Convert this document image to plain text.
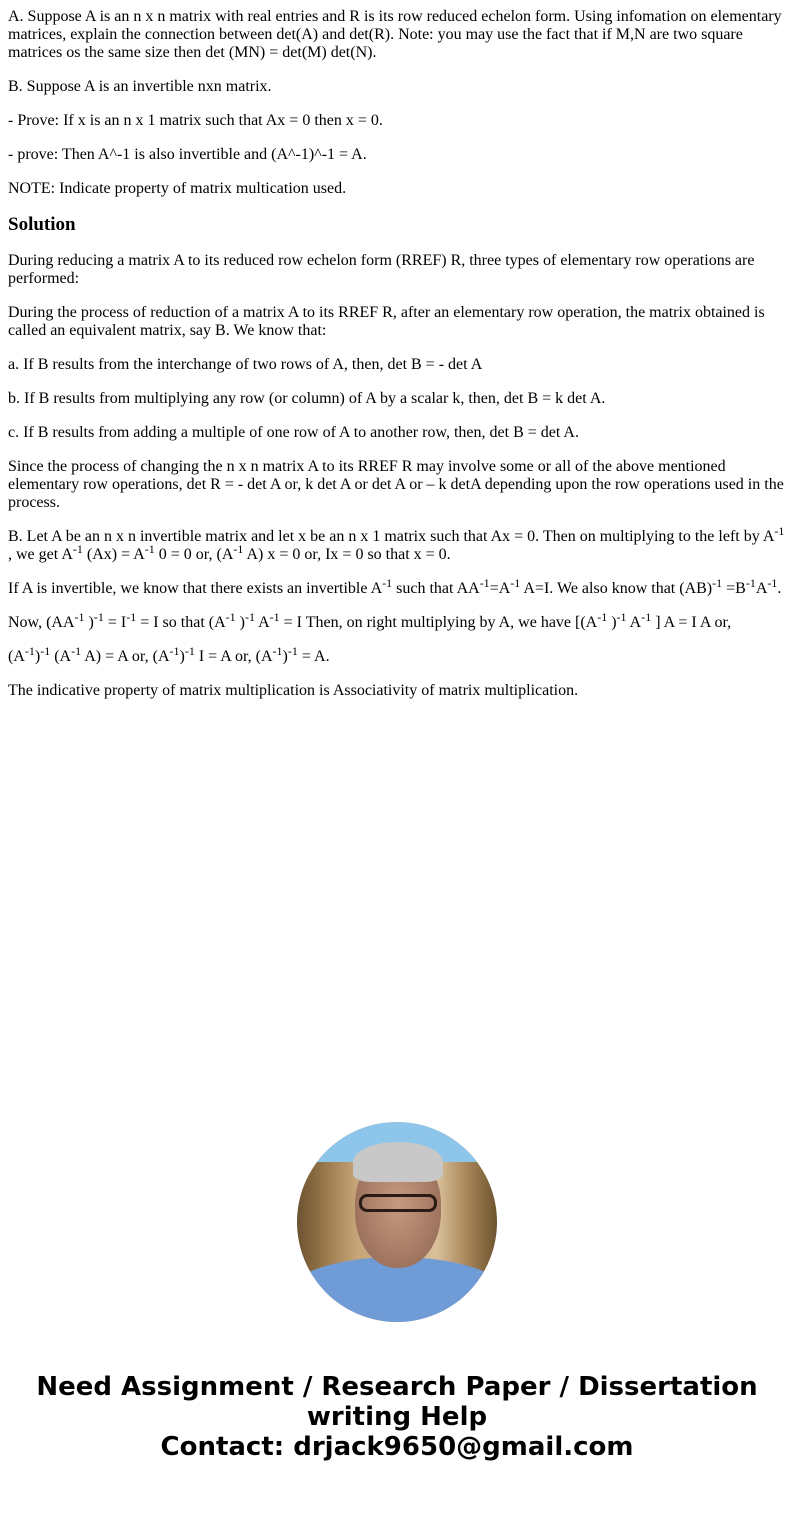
A. Suppose A is an n x n matrix with real entries and R is its row reduced echelon form. Using infomation on elementary matrices, explain the connection between det(A) and det(R). Note: you may use the fact that if M,N are two square matrices os the same size then det (MN) = det(M) det(N).

B. Suppose A is an invertible nxn matrix.

- Prove: If x is an n x 1 matrix such that Ax = 0 then x = 0.

- prove: Then A^-1 is also invertible and (A^-1)^-1 = A.

NOTE: Indicate property of matrix multication used.

Solution

During reducing a matrix A to its reduced row echelon form (RREF) R, three types of elementary row operations are performed:

During the process of reduction of a matrix A to its RREF R, after an elementary row operation, the matrix obtained is called an equivalent matrix, say B. We know that:

a. If B results from the interchange of two rows of A, then, det B = - det A

b. If B results from multiplying any row (or column) of A by a scalar k, then, det B = k det A.

c. If B results from adding a multiple of one row of A to another row, then, det B = det A.

Since the process of changing the n x n matrix A to its RREF R may involve some or all of the above mentioned elementary row operations, det R = - det A or, k det A or det A or – k detA depending upon the row operations used in the process.

B. Let A be an n x n invertible matrix and let x be an n x 1 matrix such that Ax = 0. Then on multiplying to the left by $A^{-1}$ , we get $A^{-1}$ $(Ax) = A^{-1}$ 0 = 0 or, ($A^{-1}$ A) x = 0 or, Ix = 0 so that x = 0.

If A is invertible, we know that there exists an invertible $A^{-1}$ such that $AA^{-1}=A^{-1}$ A=I. We also know that $(AB)^{-1} =B^{-1}A^{-1}$.

Now, ($AA^{-1}$ )$^{-1} = I^{-1} = I$ so that ($A^{-1}$ )$^{-1}$ $A^{-1} = I$ Then, on right multiplying by A, we have [($A^{-1}$ )$^{-1}$ $A^{-1}$ ] A = I A or,

$(A^{-1})^{-1}$ ($A^{-1}$ A) = A or, $(A^{-1})^{-1}$ I = A or, $(A^{-1})^{-1} = A$.

The indicative property of matrix multiplication is Associativity of matrix multiplication.

Need Assignment / Research Paper / Dissertation writing Help
Contact: drjack9650@gmail.com
